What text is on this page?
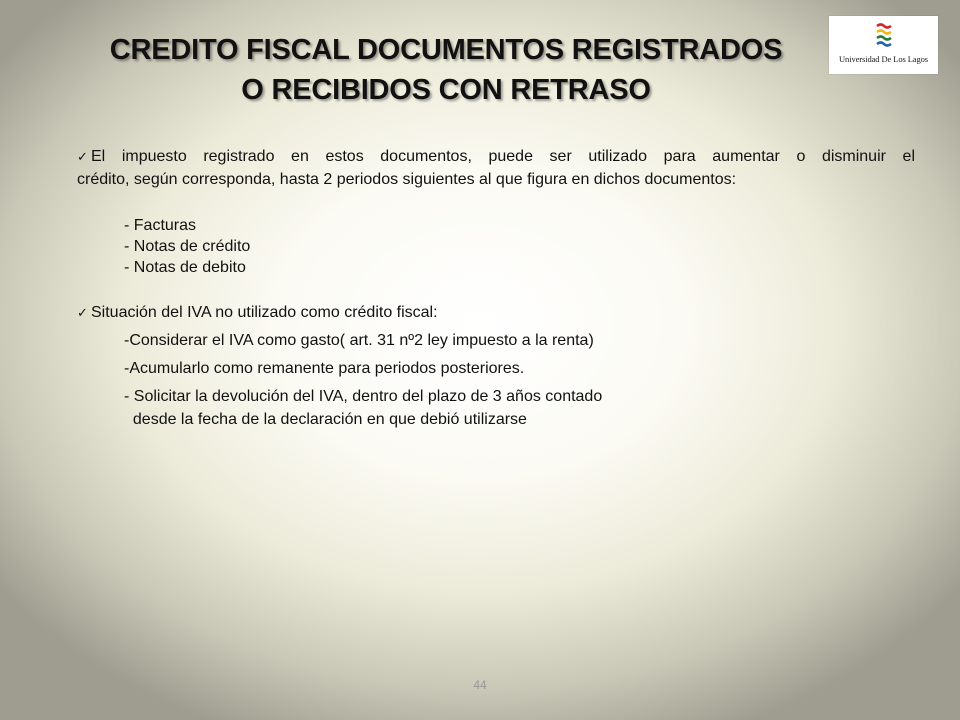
CREDITO FISCAL DOCUMENTOS REGISTRADOS
O RECIBIDOS CON RETRASO
Universidad De Los Lagos
✓ El impuesto registrado en estos documentos, puede ser utilizado para aumentar o disminuir el
crédito, según corresponda, hasta 2 periodos siguientes al que figura en dichos documentos:
- Facturas
- Notas de crédito
- Notas de debito
✓ Situación del IVA no utilizado como crédito fiscal:
-Considerar el IVA como gasto( art. 31 nº2 ley impuesto a la renta)
-Acumularlo como remanente para periodos posteriores.
- Solicitar la devolución del IVA, dentro del plazo de 3 años contado
desde la fecha de la declaración en que debió utilizarse
44
